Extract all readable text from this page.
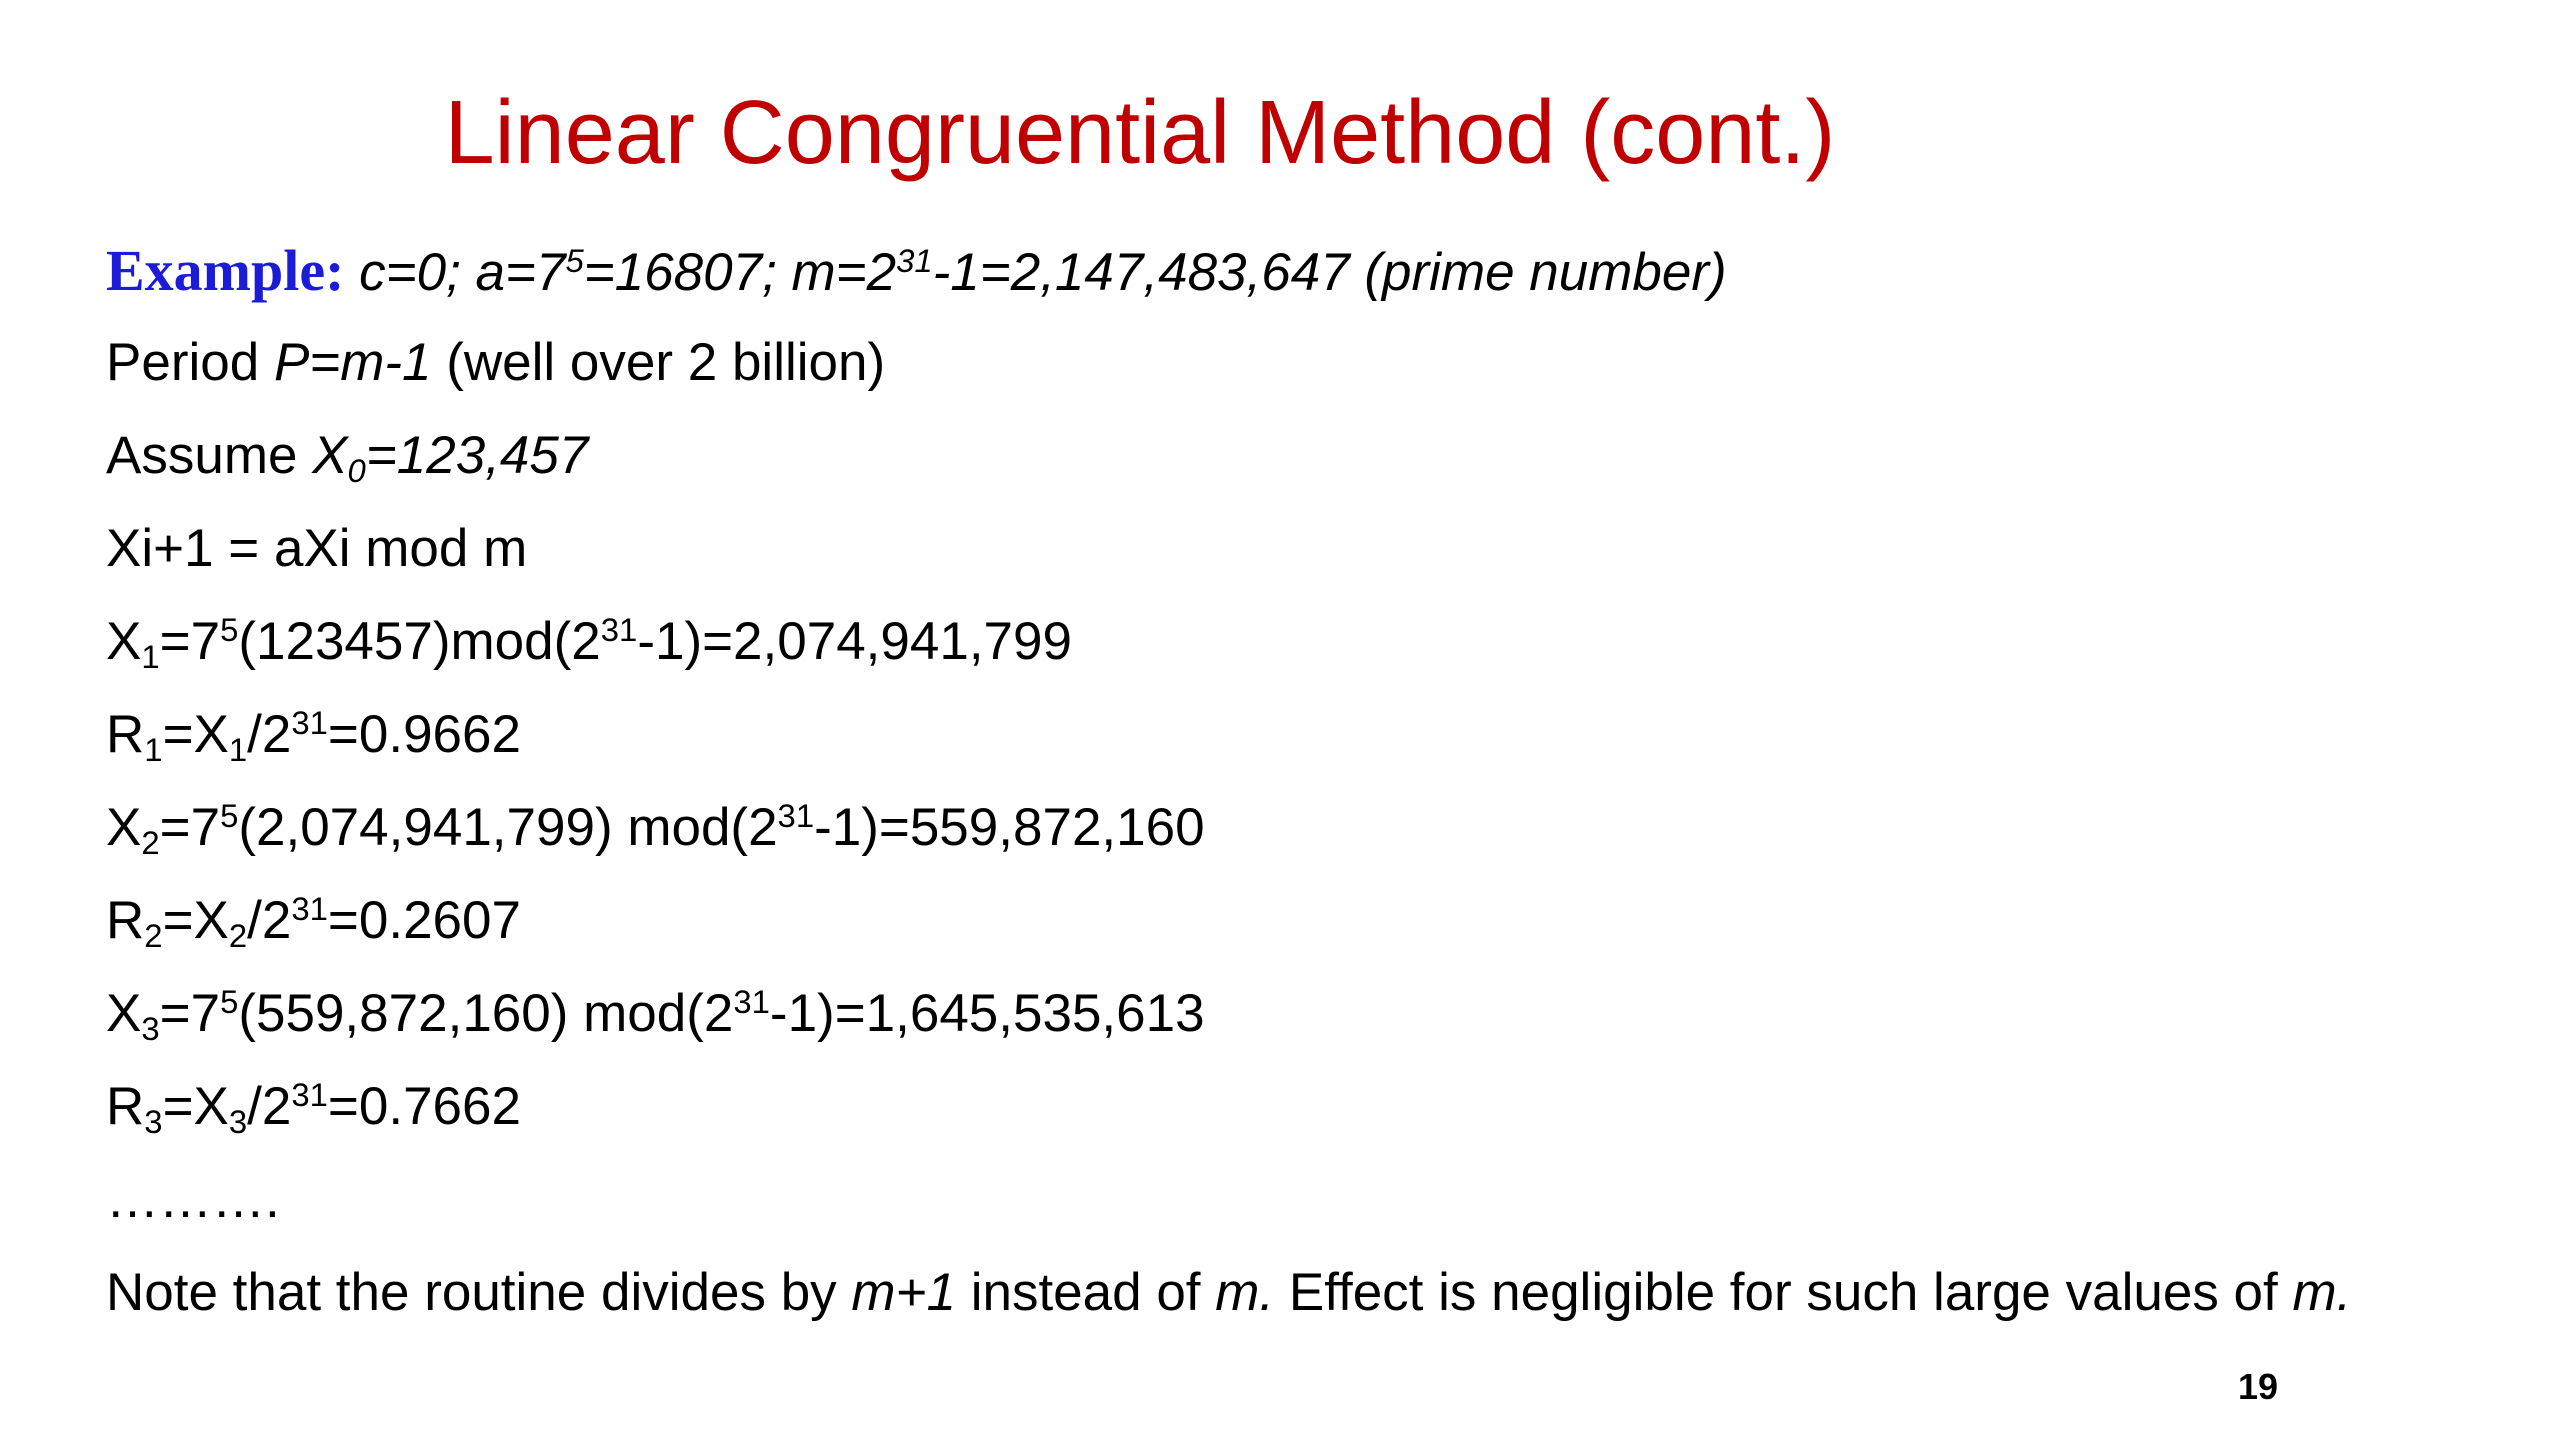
Linear Congruential Method (cont.)
Example: c=0; $a=7^5=16807$; $m=2^{31}-1=2,147,483,647$ (prime number)
Period P=m-1 (well over 2 billion)
Assume $X_0=123,457$
Xi+1 = aXi mod m
$X_1=7^5(123457)mod(2^{31}-1)=2,074,941,799$
$R_1=X_1/2^{31}=0.9662$
$X_2=7^5(2,074,941,799)$ $mod(2^{31}-1)=559,872,160$
$R_2=X_2/2^{31}=0.2607$
$X_3=7^5(559,872,160)$ $mod(2^{31}-1)=1,645,535,613$
$R_3=X_3/2^{31}=0.7662$
……….
Note that the routine divides by m+1 instead of m. Effect is negligible for such large values of m.
19
